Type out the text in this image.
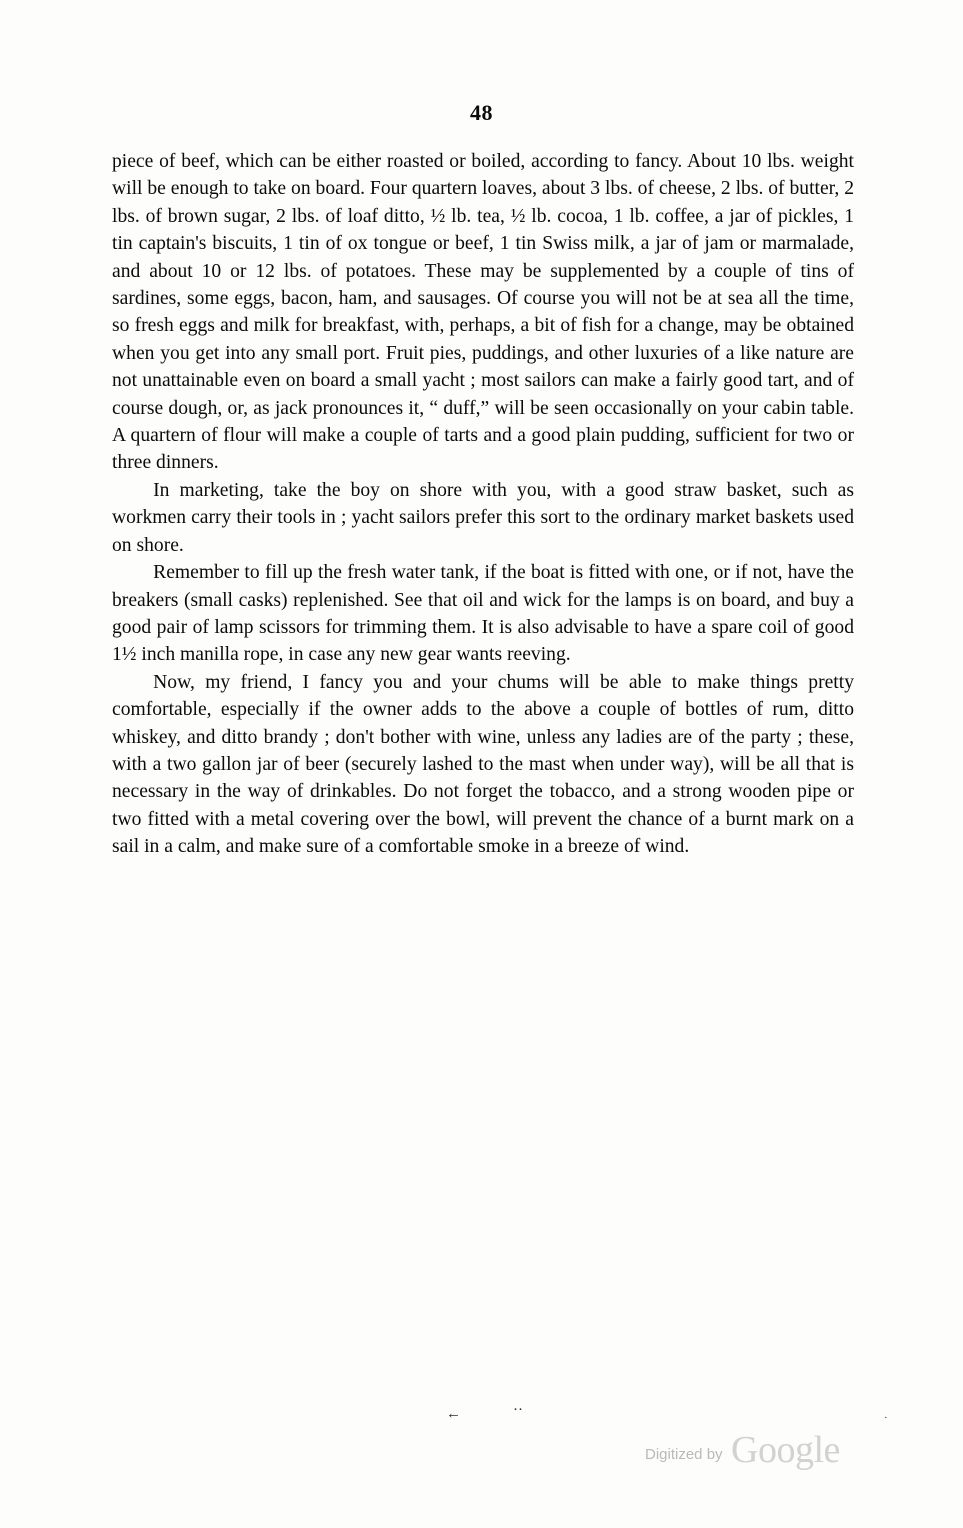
48

piece of beef, which can be either roasted or boiled, according to fancy. About 10 lbs. weight will be enough to take on board. Four quartern loaves, about 3 lbs. of cheese, 2 lbs. of butter, 2 lbs. of brown sugar, 2 lbs. of loaf ditto, ½ lb. tea, ½ lb. cocoa, 1 lb. coffee, a jar of pickles, 1 tin captain's biscuits, 1 tin of ox tongue or beef, 1 tin Swiss milk, a jar of jam or marmalade, and about 10 or 12 lbs. of potatoes. These may be supplemented by a couple of tins of sardines, some eggs, bacon, ham, and sausages. Of course you will not be at sea all the time, so fresh eggs and milk for breakfast, with, perhaps, a bit of fish for a change, may be obtained when you get into any small port. Fruit pies, puddings, and other luxuries of a like nature are not unattainable even on board a small yacht ; most sailors can make a fairly good tart, and of course dough, or, as jack pronounces it, “ duff,” will be seen occasionally on your cabin table. A quartern of flour will make a couple of tarts and a good plain pudding, sufficient for two or three dinners.

In marketing, take the boy on shore with you, with a good straw basket, such as workmen carry their tools in ; yacht sailors prefer this sort to the ordinary market baskets used on shore.

Remember to fill up the fresh water tank, if the boat is fitted with one, or if not, have the breakers (small casks) replenished. See that oil and wick for the lamps is on board, and buy a good pair of lamp scissors for trimming them. It is also advisable to have a spare coil of good 1½ inch manilla rope, in case any new gear wants reeving.

Now, my friend, I fancy you and your chums will be able to make things pretty comfortable, especially if the owner adds to the above a couple of bottles of rum, ditto whiskey, and ditto brandy ; don't bother with wine, unless any ladies are of the party ; these, with a two gallon jar of beer (securely lashed to the mast when under way), will be all that is necessary in the way of drinkables. Do not forget the tobacco, and a strong wooden pipe or two fitted with a metal covering over the bowl, will prevent the chance of a burnt mark on a sail in a calm, and make sure of a comfortable smoke in a breeze of wind.

←	··	·
Digitized by Google
